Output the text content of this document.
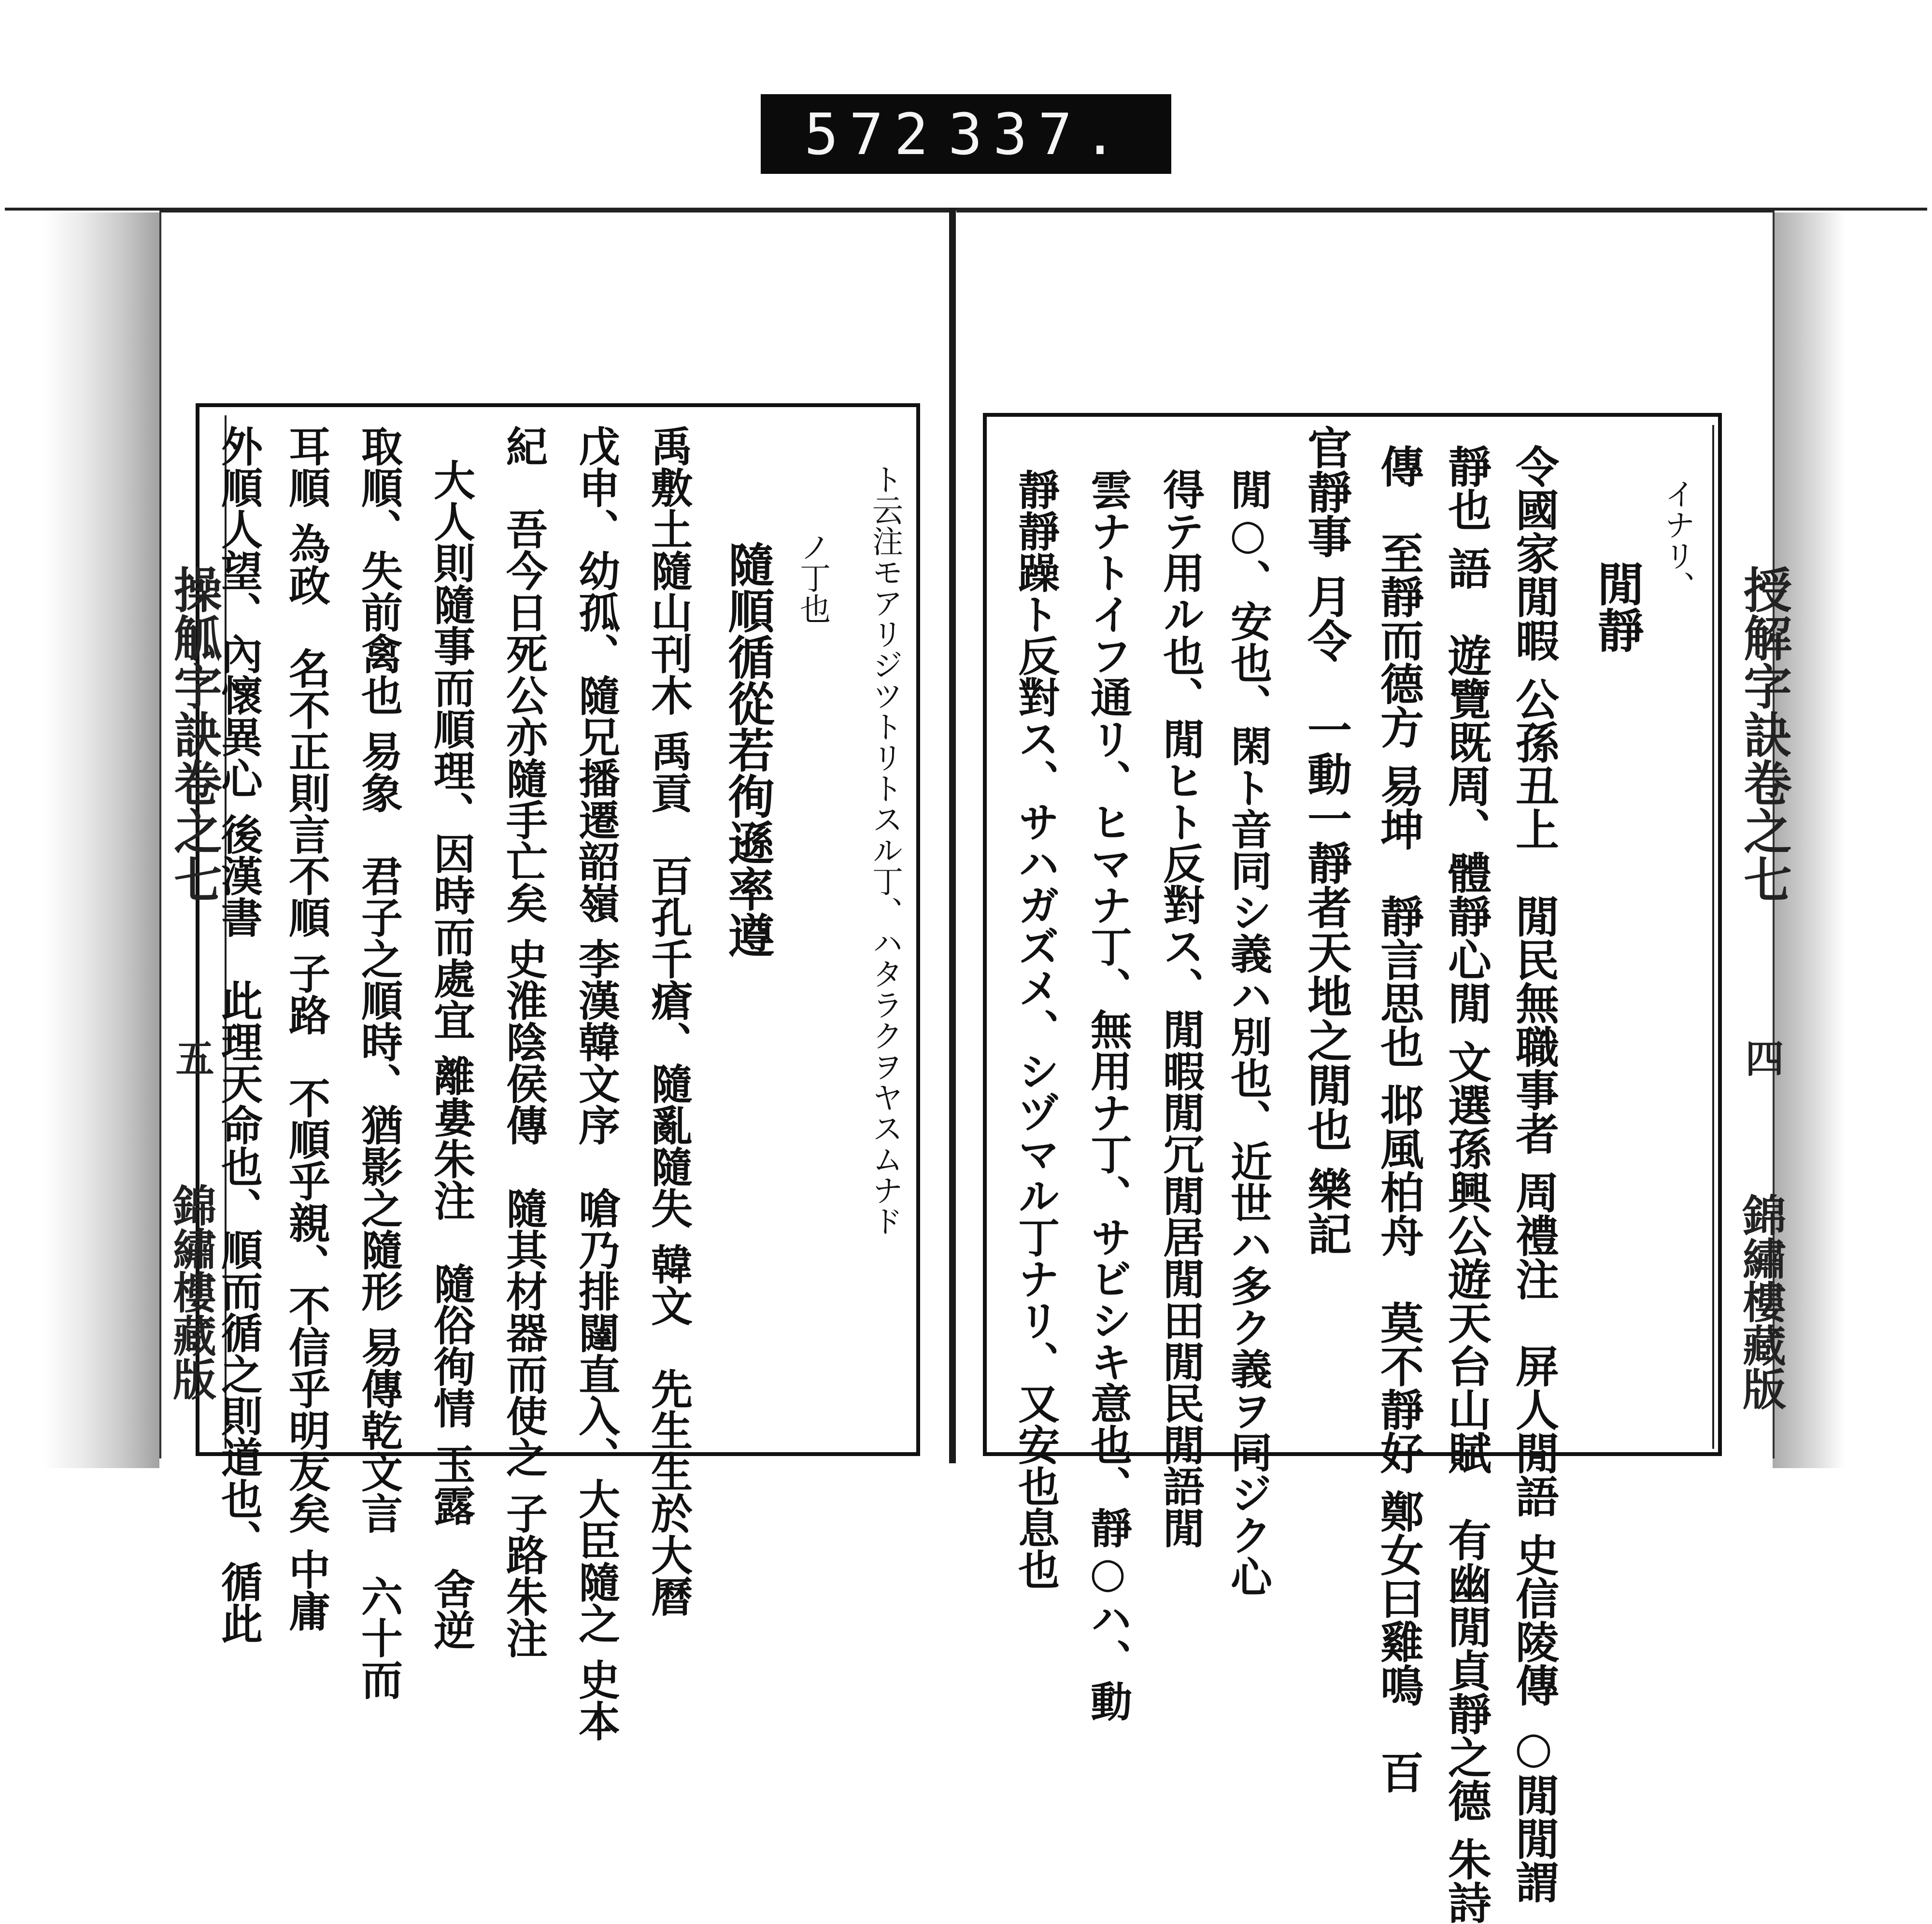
572 337.
授解字訣卷之七
四
錦繡樓藏版
イナリ、
閒靜
令國家閒暇 公孫丑上　閒民無職事者 周禮注　屏人閒語 史信陵傳 ○閒閒謂
靜也 語　遊覽既周、體靜心閒 文選孫興公遊天台山賦　有幽閒貞靜之德 朱詩
傳　至靜而德方 易坤　靜言思也 邶風柏舟　莫不靜好 鄭女曰雞鳴　百
官靜事 月令　一動一靜者天地之閒也 樂記
閒○、安也、閑ト音同シ義ハ別也、近世ハ多ク義ヲ同ジク心
得テ用ル也、閒ヒト反對ス、閒暇閒冗閒居閒田閒民閒語閒
雲ナトイフ通リ、ヒマナ丁、無用ナ丁、サビシキ意也、靜○ハ、動
靜靜躁ト反對ス、サハガズメ、シヅマル丁ナリ、又安也息也
操觚字訣卷之七
五
錦繡樓藏版
ト云注モアリジツトリトスル丁、ハタラクヲヤスムナド
ノ丁也
隨順循從若徇遜率遵
禹敷土隨山刊木 禹貢　百孔千瘡、隨亂隨失 韓文　先生生於大曆
戊申、幼孤、隨兄播遷韶嶺 李漢韓文序　嗆乃排闥直入、大臣隨之 史本
紀　吾今日死公亦隨手亡矣 史淮陰侯傳　隨其材器而使之 子路朱注
大人則隨事而順理、因時而處宜 離婁朱注　隨俗徇情 玉露　舍逆
取順、失前禽也 易象　君子之順時、猶影之隨形 易傳乾文言　六十而
耳順 為政　名不正則言不順 子路　不順乎親、不信乎明友矣 中庸
外順人望、內懷異心 後漢書　此理天命也、順而循之則道也、循此
